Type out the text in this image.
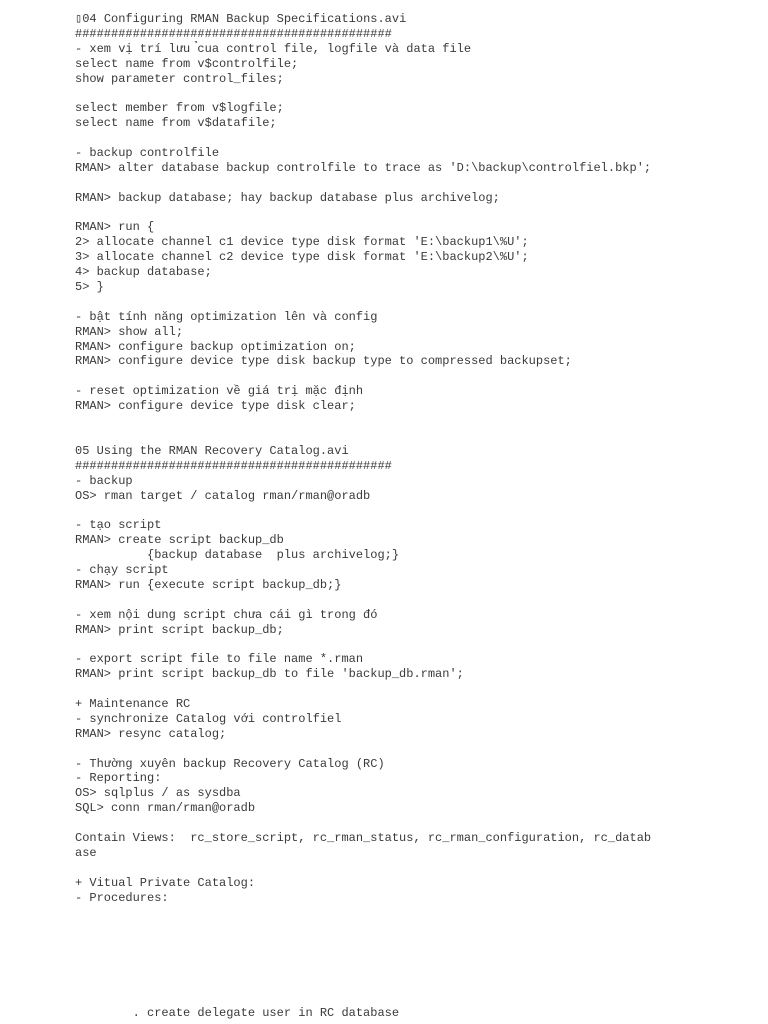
▯04 Configuring RMAN Backup Specifications.avi
############################################
- xem vị trí lưu ̉cua control file, logfile và data file
select name from v$controlfile;
show parameter control_files;

select member from v$logfile;
select name from v$datafile;

- backup controlfile
RMAN> alter database backup controlfile to trace as 'D:\backup\controlfiel.bkp';

RMAN> backup database; hay backup database plus archivelog;

RMAN> run {
2> allocate channel c1 device type disk format 'E:\backup1\%U';
3> allocate channel c2 device type disk format 'E:\backup2\%U';
4> backup database;
5> }

- bật tính năng optimization lên và config
RMAN> show all;
RMAN> configure backup optimization on;
RMAN> configure device type disk backup type to compressed backupset;

- reset optimization về giá trị mặc định
RMAN> configure device type disk clear;

05 Using the RMAN Recovery Catalog.avi
############################################
- backup
OS> rman target / catalog rman/rman@oradb

- tạo script
RMAN> create script backup_db
{backup database  plus archivelog;}
- chạy script
RMAN> run {execute script backup_db;}

- xem nội dung script chưa cái gì trong đó
RMAN> print script backup_db;

- export script file to file name *.rman
RMAN> print script backup_db to file 'backup_db.rman';

+ Maintenance RC
- synchronize Catalog với controlfiel
RMAN> resync catalog;

- Thường xuyên backup Recovery Catalog (RC)
- Reporting:
OS> sqlplus / as sysdba
SQL> conn rman/rman@oradb

Contain Views:  rc_store_script, rc_rman_status, rc_rman_configuration, rc_datab
ase

+ Vitual Private Catalog:
- Procedures:
. create delegate user in RC database
